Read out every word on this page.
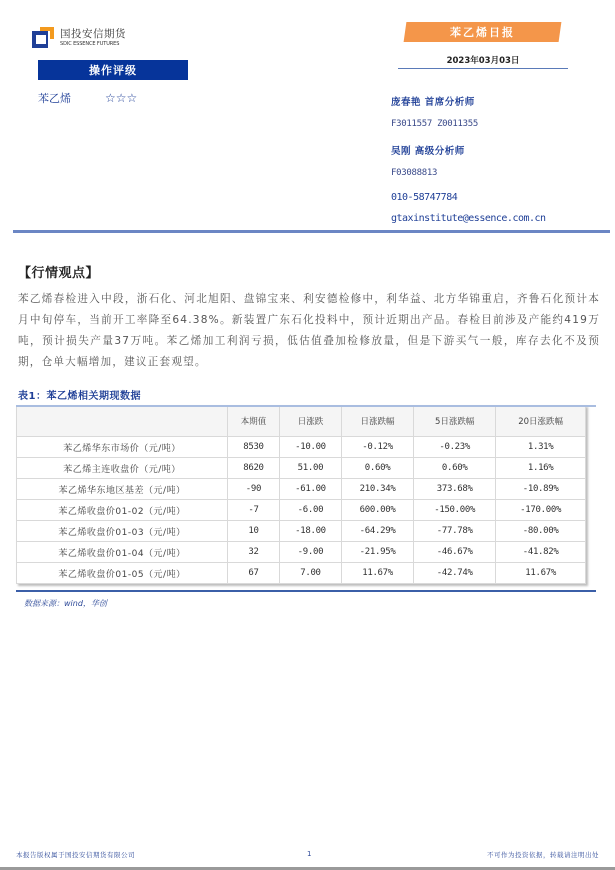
国投安信期货
SDIC ESSENCE FUTURES
操作评级
苯乙烯	☆☆☆
苯乙烯日报
2023年03月03日
庞春艳 首席分析师
F3011557 Z0011355
吴刚 高级分析师
F03088813
010-58747784
gtaxinstitute@essence.com.cn
【行情观点】
苯乙烯春检进入中段，浙石化、河北旭阳、盘锦宝来、利安德检修中，利华益、北方华锦重启，齐鲁石化预计本月中旬停车，当前开工率降至64.38%。新装置广东石化投料中，预计近期出产品。春检目前涉及产能约419万吨，预计损失产量37万吨。苯乙烯加工利润亏损，低估值叠加检修放量，但是下游买气一般，库存去化不及预期，仓单大幅增加，建议正套观望。
表1：苯乙烯相关期现数据
	本期值	日涨跌	日涨跌幅	5日涨跌幅	20日涨跌幅
苯乙烯华东市场价（元/吨）	8530	-10.00	-0.12%	-0.23%	1.31%
苯乙烯主连收盘价（元/吨）	8620	51.00	0.60%	0.60%	1.16%
苯乙烯华东地区基差（元/吨）	-90	-61.00	210.34%	373.68%	-10.89%
苯乙烯收盘价01-02（元/吨）	-7	-6.00	600.00%	-150.00%	-170.00%
苯乙烯收盘价01-03（元/吨）	10	-18.00	-64.29%	-77.78%	-80.00%
苯乙烯收盘价01-04（元/吨）	32	-9.00	-21.95%	-46.67%	-41.82%
苯乙烯收盘价01-05（元/吨）	67	7.00	11.67%	-42.74%	11.67%
数据来源：wind，华创
本报告版权属于国投安信期货有限公司	1	不可作为投资依据，转载请注明出处
